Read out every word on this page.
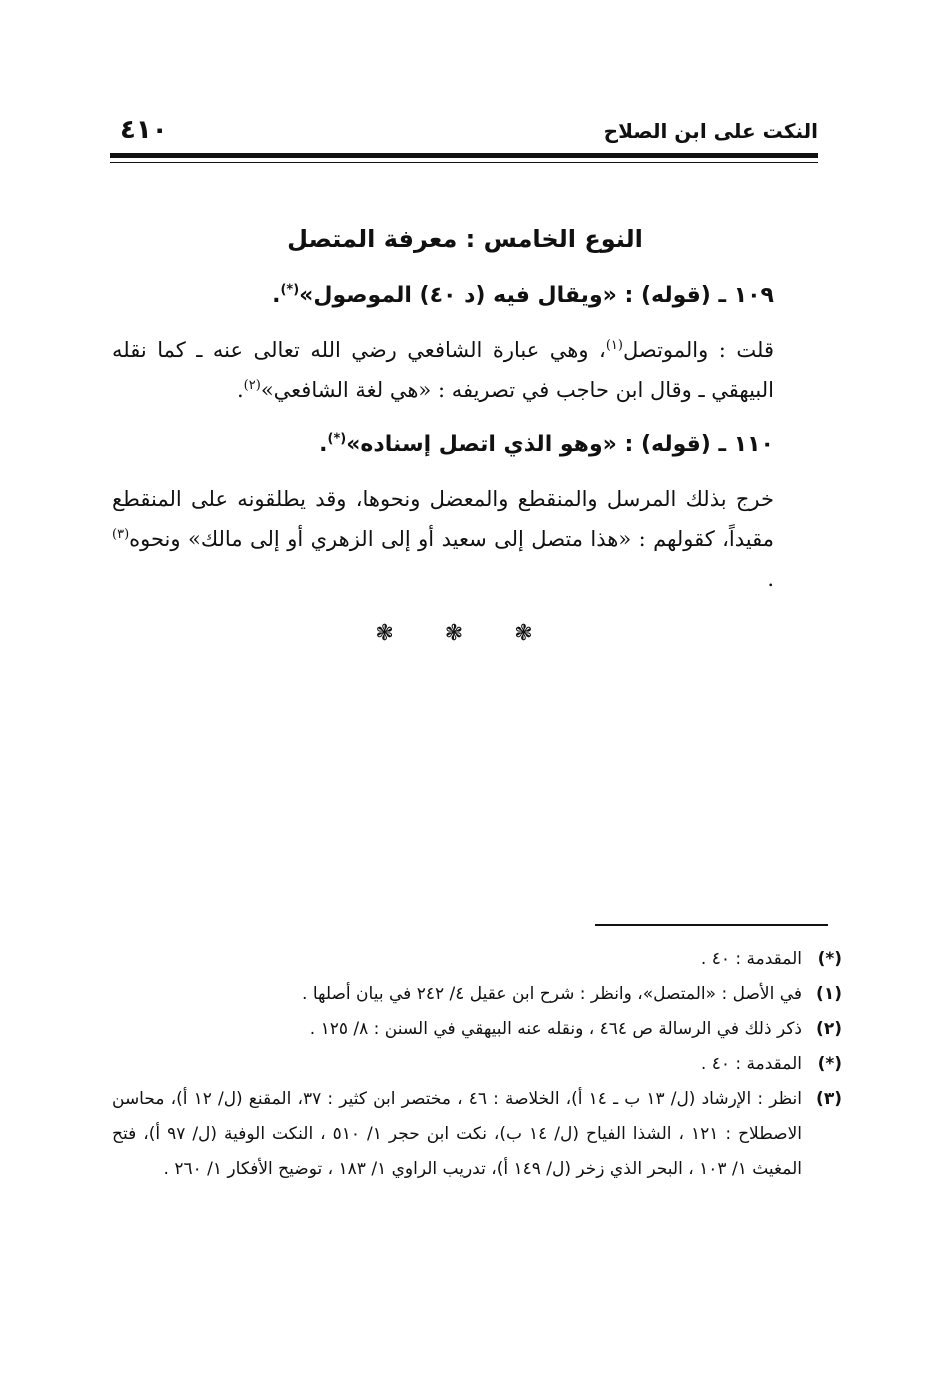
٤١٠	النكت على ابن الصلاح
النوع الخامس : معرفة المتصل
١٠٩ ـ (قوله) : «ويقال فيه (د ٤٠) الموصول»(*).

قلت : والموتصل$^{(١)}$، وهي عبارة الشافعي رضي الله تعالى عنه ـ كما نقله البيهقي ـ وقال ابن حاجب في تصريفه : «هي لغة الشافعي»$^{(٢)}$.

١١٠ ـ (قوله) : «وهو الذي اتصل إسناده»(*).

خرج بذلك المرسل والمنقطع والمعضل ونحوها، وقد يطلقونه على المنقطع مقيداً، كقولهم : «هذا متصل إلى سعيد أو إلى الزهري أو إلى مالك» ونحوه$^{(٣)}$ .

❃ ❃ ❃
(*)
المقدمة : ٤٠ .
(١)
في الأصل : «المتصل»، وانظر : شرح ابن عقيل ٤/ ٢٤٢ في بيان أصلها .
(٢)
ذكر ذلك في الرسالة ص ٤٦٤ ، ونقله عنه البيهقي في السنن : ٨/ ١٢٥ .
(*)
المقدمة : ٤٠ .
(٣)
انظر : الإرشاد (ل/ ١٣ ب ـ ١٤ أ)، الخلاصة : ٤٦ ، مختصر ابن كثير : ٣٧، المقنع (ل/ ١٢ أ)، محاسن الاصطلاح : ١٢١ ، الشذا الفياح (ل/ ١٤ ب)، نكت ابن حجر ١/ ٥١٠ ، النكت الوفية (ل/ ٩٧ أ)، فتح المغيث ١/ ١٠٣ ، البحر الذي زخر (ل/ ١٤٩ أ)، تدريب الراوي ١/ ١٨٣ ، توضيح الأفكار ١/ ٢٦٠ .
